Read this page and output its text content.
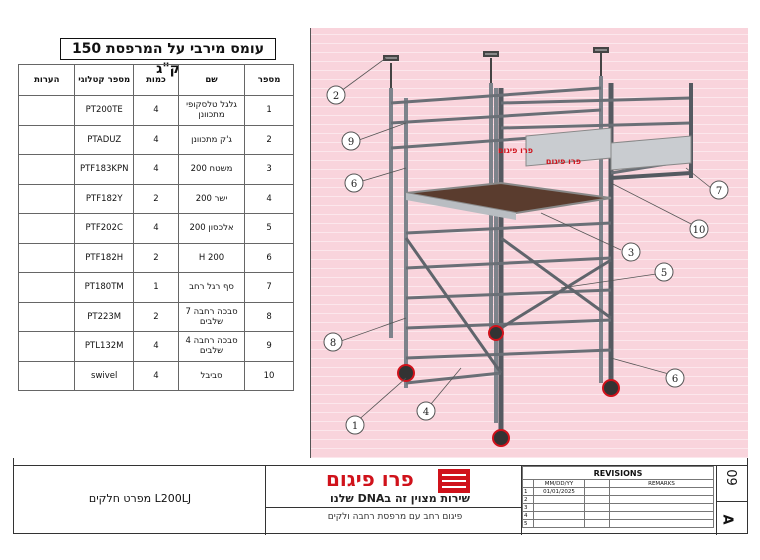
עומס מירבי על המרפסת 150 ק"ג
מספר	שם	כמות	מספר קטלוגי	הערות
1	גלגל טלסקופי מתכוונן	4	PT200TE	
2	ג'ק מתכוונן	4	PTADUZ	
3	משטח 200	4	PTF183KPN	
4	ישר 200	2	PTF182Y	
5	אלכסון 200	4	PTF202C	
6	H 200	2	PTF182H	
7	סף רגל רחב	1	PT180TM	
8	סבכה רחבה 7 שלבים	2	PT223M	
9	סבכה רחבה 4 שלבים	4	PTL132M	
10	סביבל	4	swivel	
פרו פיגום
פרו פיגום
2
9
6
3
5
6
7
10
8
1
4
L200LJ מפרט חלקים
פרו פיגום
שירות מצוין זה בDNA שלנו
פיגום רחב עם מרפסת רחבה ולקים
REVISIONS			
	MM/DD/YY		REMARKS
1	01/01/2025		
2			
3			
4			
5			
09
A
